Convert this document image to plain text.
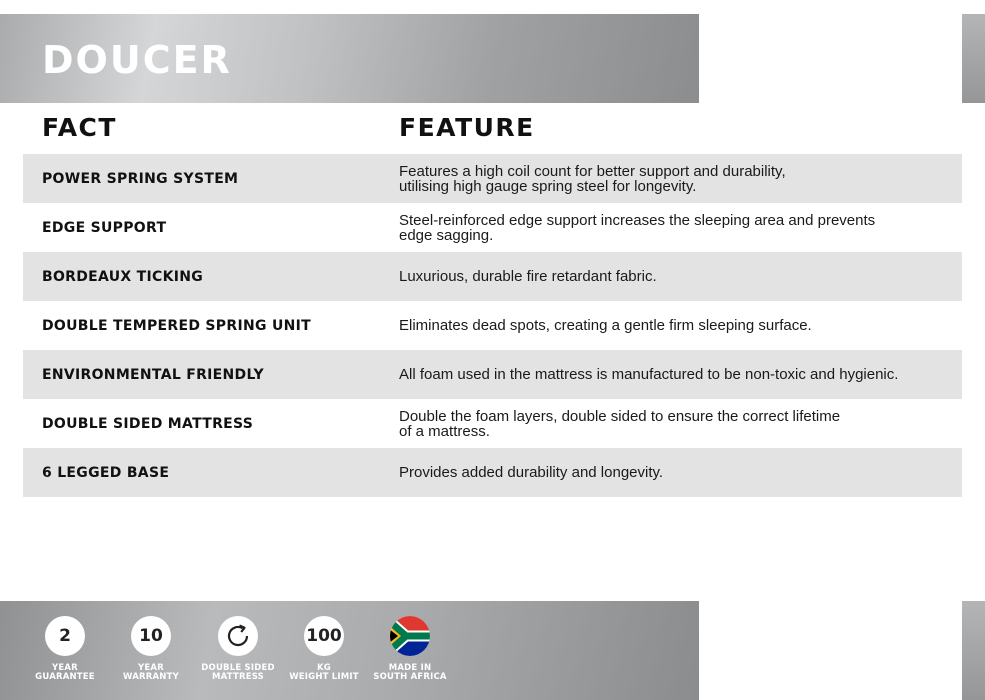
DOUCER
FACT	FEATURE
POWER SPRING SYSTEM	Features a high coil count for better support and durability,
utilising high gauge spring steel for longevity.
EDGE SUPPORT	Steel-reinforced edge support increases the sleeping area and prevents
edge sagging.
BORDEAUX TICKING	Luxurious, durable fire retardant fabric.
DOUBLE TEMPERED SPRING UNIT	Eliminates dead spots, creating a gentle firm sleeping surface.
ENVIRONMENTAL FRIENDLY	All foam used in the mattress is manufactured to be non-toxic and hygienic.
DOUBLE SIDED MATTRESS	Double the foam layers, double sided to ensure the correct lifetime
of a mattress.
6 LEGGED BASE	Provides added durability and longevity.
2
YEAR
GUARANTEE
10
YEAR
WARRANTY
DOUBLE SIDED
MATTRESS
100
KG
WEIGHT LIMIT
MADE IN
SOUTH AFRICA
